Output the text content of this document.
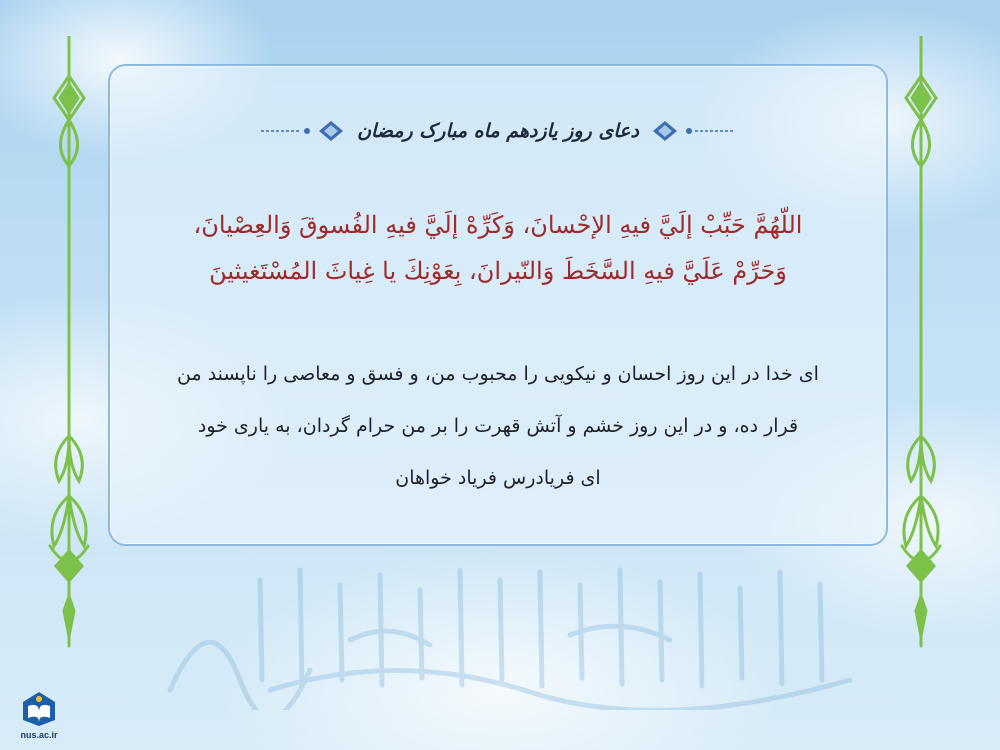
دعای روز یازدهم ماه مبارک رمضان
اللّهُمَّ حَبِّبْ إلَيَّ فيهِ الإحْسانَ، وَكَرِّهْ إلَيَّ فيهِ الفُسوقَ وَالعِصْيانَ،
وَحَرِّمْ عَلَيَّ فيهِ السَّخَطَ وَالنّيرانَ، بِعَوْنِكَ يا غِياثَ المُسْتَغيثينَ
ای خدا در این روز احسان و نیکویی را محبوب من، و فسق و معاصی را ناپسند من
قرار ده، و در این روز خشم و آتش قهرت را بر من حرام گردان، به یاری خود
ای فریادرس فریاد خواهان
nus.ac.ir
